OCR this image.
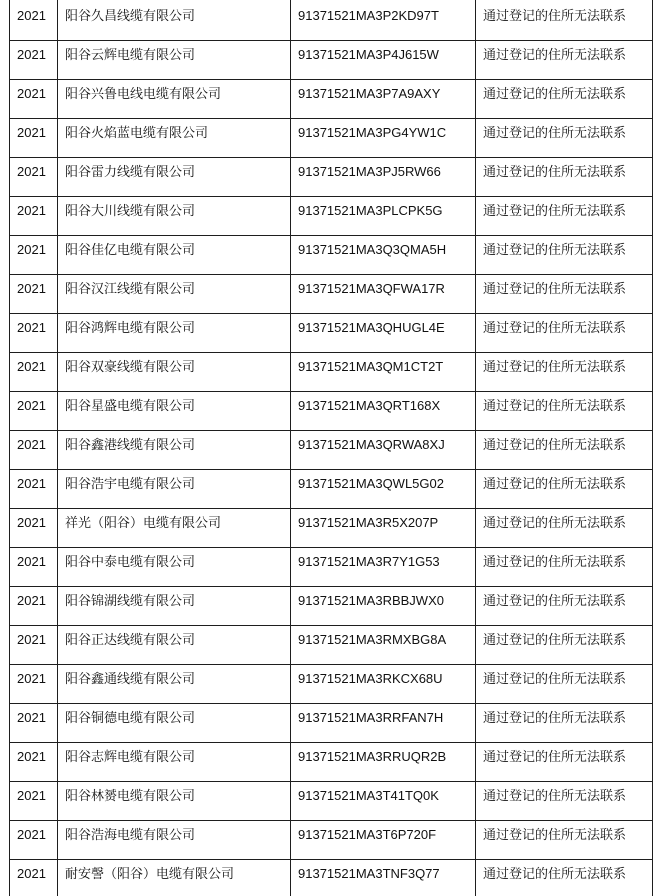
2021	阳谷久昌线缆有限公司	91371521MA3P2KD97T	通过登记的住所无法联系
2021	阳谷云辉电缆有限公司	91371521MA3P4J615W	通过登记的住所无法联系
2021	阳谷兴鲁电线电缆有限公司	91371521MA3P7A9AXY	通过登记的住所无法联系
2021	阳谷火焰蓝电缆有限公司	91371521MA3PG4YW1C	通过登记的住所无法联系
2021	阳谷雷力线缆有限公司	91371521MA3PJ5RW66	通过登记的住所无法联系
2021	阳谷大川线缆有限公司	91371521MA3PLCPK5G	通过登记的住所无法联系
2021	阳谷佳亿电缆有限公司	91371521MA3Q3QMA5H	通过登记的住所无法联系
2021	阳谷汉江线缆有限公司	91371521MA3QFWA17R	通过登记的住所无法联系
2021	阳谷鸿辉电缆有限公司	91371521MA3QHUGL4E	通过登记的住所无法联系
2021	阳谷双豪线缆有限公司	91371521MA3QM1CT2T	通过登记的住所无法联系
2021	阳谷星盛电缆有限公司	91371521MA3QRT168X	通过登记的住所无法联系
2021	阳谷鑫港线缆有限公司	91371521MA3QRWA8XJ	通过登记的住所无法联系
2021	阳谷浩宇电缆有限公司	91371521MA3QWL5G02	通过登记的住所无法联系
2021	祥光（阳谷）电缆有限公司	91371521MA3R5X207P	通过登记的住所无法联系
2021	阳谷中泰电缆有限公司	91371521MA3R7Y1G53	通过登记的住所无法联系
2021	阳谷锦湖线缆有限公司	91371521MA3RBBJWX0	通过登记的住所无法联系
2021	阳谷正达线缆有限公司	91371521MA3RMXBG8A	通过登记的住所无法联系
2021	阳谷鑫通线缆有限公司	91371521MA3RKCX68U	通过登记的住所无法联系
2021	阳谷铜德电缆有限公司	91371521MA3RRFAN7H	通过登记的住所无法联系
2021	阳谷志辉电缆有限公司	91371521MA3RRUQR2B	通过登记的住所无法联系
2021	阳谷林赟电缆有限公司	91371521MA3T41TQ0K	通过登记的住所无法联系
2021	阳谷浩海电缆有限公司	91371521MA3T6P720F	通过登记的住所无法联系
2021	耐安謦（阳谷）电缆有限公司	91371521MA3TNF3Q77	通过登记的住所无法联系
